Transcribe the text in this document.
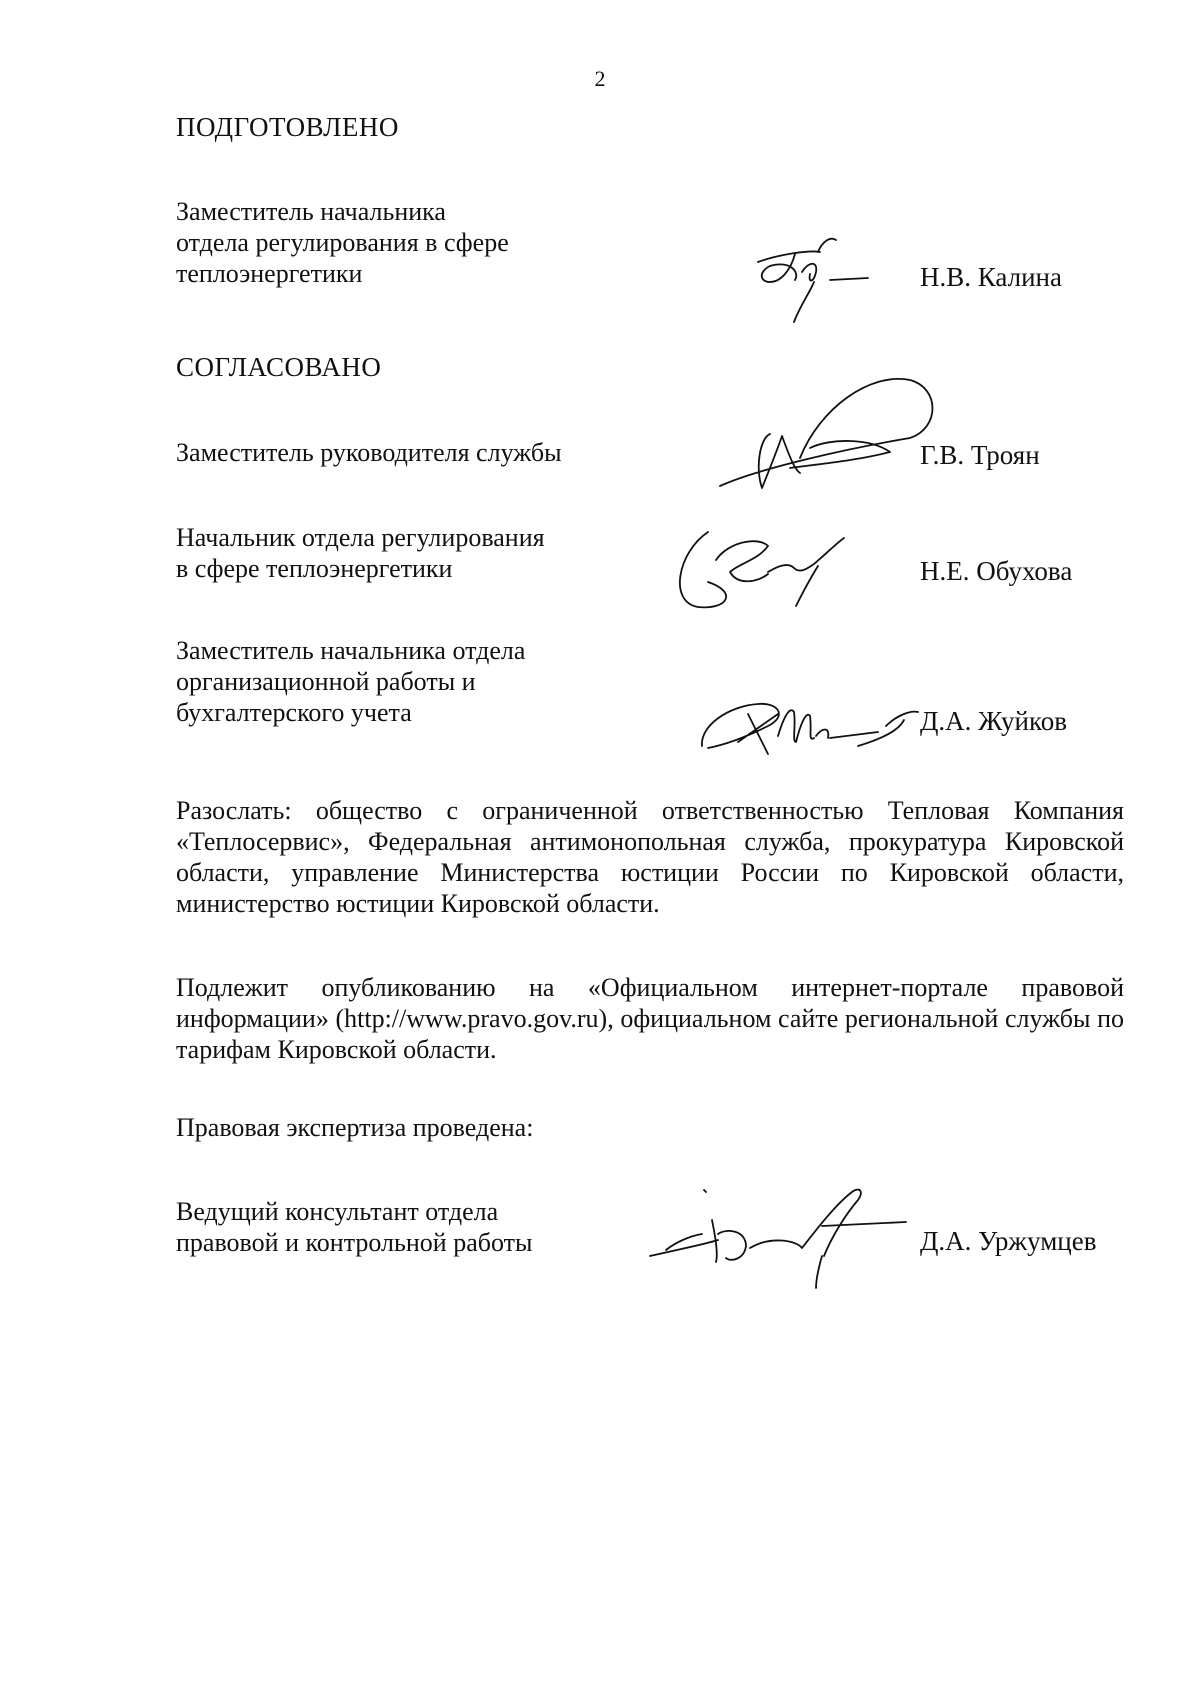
2
ПОДГОТОВЛЕНО
Заместитель начальника
отдела регулирования в сфере
теплоэнергетики	Н.В. Калина
СОГЛАСОВАНО
Заместитель руководителя службы	Г.В. Троян
Начальник отдела регулирования
в сфере теплоэнергетики	Н.Е. Обухова
Заместитель начальника отдела
организационной работы и
бухгалтерского учета	Д.А. Жуйков
Разослать: общество с ограниченной ответственностью Тепловая Компания «Теплосервис», Федеральная антимонопольная служба, прокуратура Кировской области, управление Министерства юстиции России по Кировской области, министерство юстиции Кировской области.
Подлежит опубликованию на «Официальном интернет-портале правовой информации» (http://www.pravo.gov.ru), официальном сайте региональной службы по тарифам Кировской области.
Правовая экспертиза проведена:
Ведущий консультант отдела
правовой и контрольной работы	Д.А. Уржумцев
